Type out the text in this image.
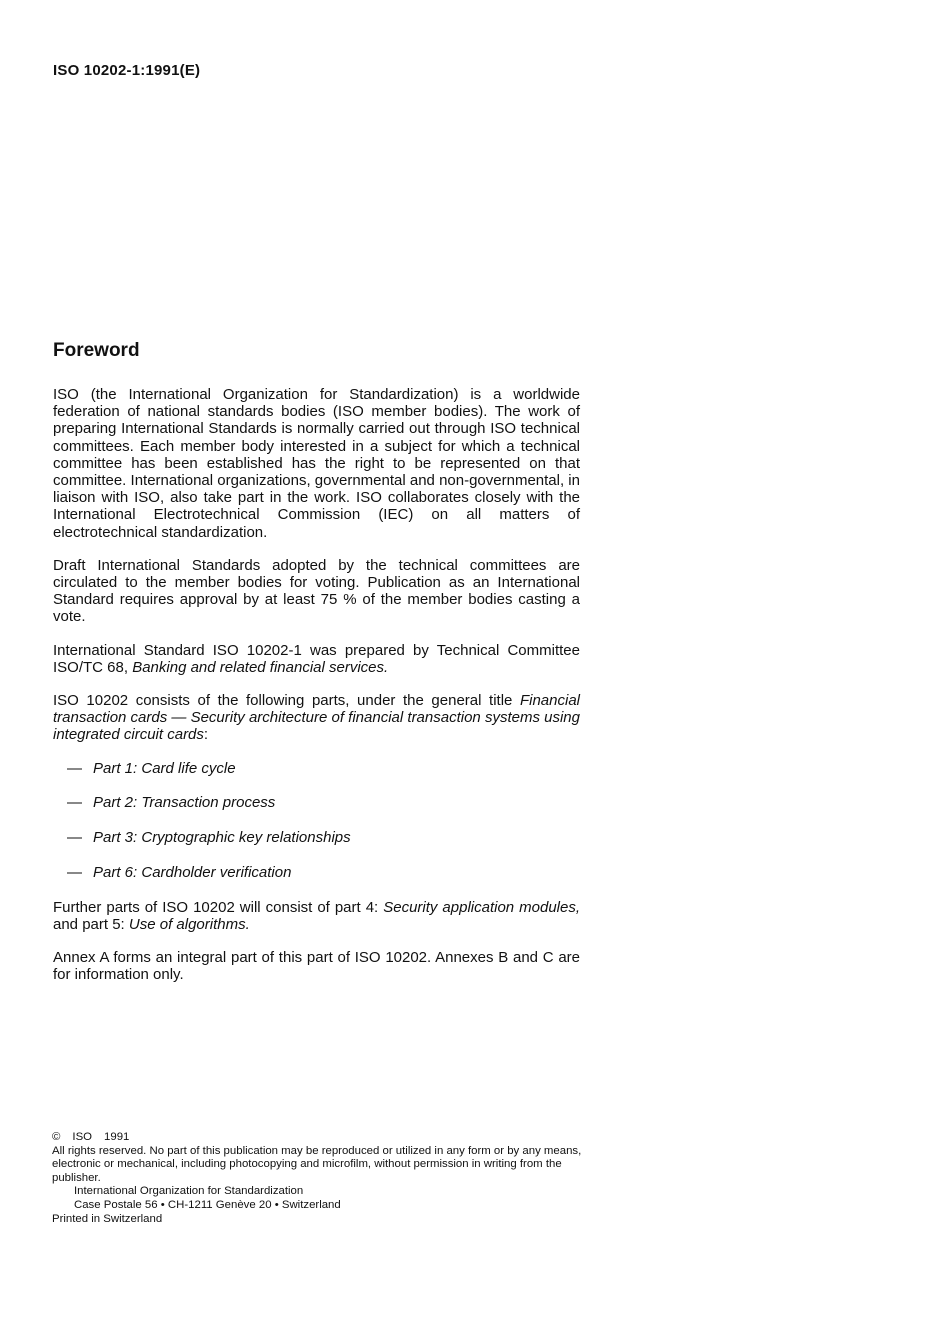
ISO 10202-1:1991(E)
Foreword

ISO (the International Organization for Standardization) is a worldwide federation of national standards bodies (ISO member bodies). The work of preparing International Standards is normally carried out through ISO technical committees. Each member body interested in a subject for which a technical committee has been established has the right to be represented on that committee. International organizations, governmental and non-governmental, in liaison with ISO, also take part in the work. ISO collaborates closely with the International Electrotechnical Commission (IEC) on all matters of electrotechnical standardization.

Draft International Standards adopted by the technical committees are circulated to the member bodies for voting. Publication as an International Standard requires approval by at least 75 % of the member bodies casting a vote.

International Standard ISO 10202-1 was prepared by Technical Committee ISO/TC 68, Banking and related financial services.

ISO 10202 consists of the following parts, under the general title Financial transaction cards — Security architecture of financial transaction systems using integrated circuit cards:

— Part 1: Card life cycle
— Part 2: Transaction process
— Part 3: Cryptographic key relationships
— Part 6: Cardholder verification

Further parts of ISO 10202 will consist of part 4: Security application modules, and part 5: Use of algorithms.

Annex A forms an integral part of this part of ISO 10202. Annexes B and C are for information only.

© ISO 1991

All rights reserved. No part of this publication may be reproduced or utilized in any form or by any means, electronic or mechanical, including photocopying and microfilm, without permission in writing from the publisher.

International Organization for Standardization

Case Postale 56 • CH-1211 Genève 20 • Switzerland

Printed in Switzerland
